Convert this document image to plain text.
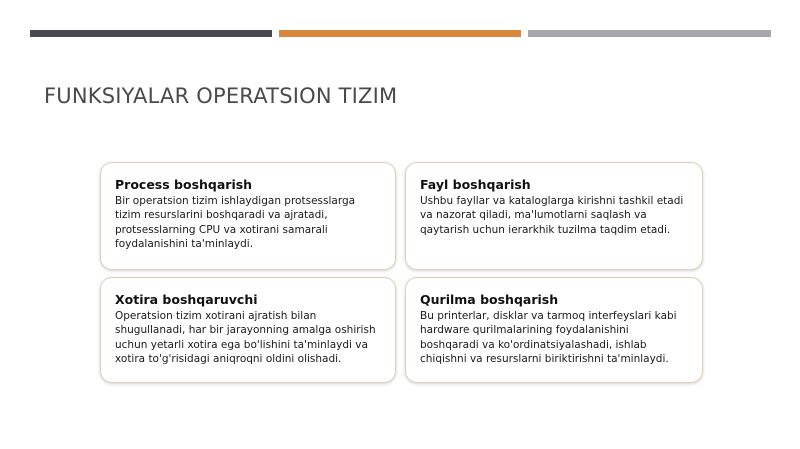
FUNKSIYALAR OPERATSION TIZIM
Process boshqarish
Bir operatsion tizim ishlaydigan protsesslarga tizim resurslarini boshqaradi va ajratadi, protsesslarning CPU va xotirani samarali foydalanishini ta'minlaydi.
Fayl boshqarish
Ushbu fayllar va kataloglarga kirishni tashkil etadi va nazorat qiladi, ma'lumotlarni saqlash va qaytarish uchun ierarkhik tuzilma taqdim etadi.
Xotira boshqaruvchi
Operatsion tizim xotirani ajratish bilan shugullanadi, har bir jarayonning amalga oshirish uchun yetarli xotira ega bo'lishini ta'minlaydi va xotira to'g'risidagi aniqroqni oldini olishadi.
Qurilma boshqarish
Bu printerlar, disklar va tarmoq interfeyslari kabi hardware qurilmalarining foydalanishini boshqaradi va ko'ordinatsiyalashadi, ishlab chiqishni va resurslarni biriktirishni ta'minlaydi.
